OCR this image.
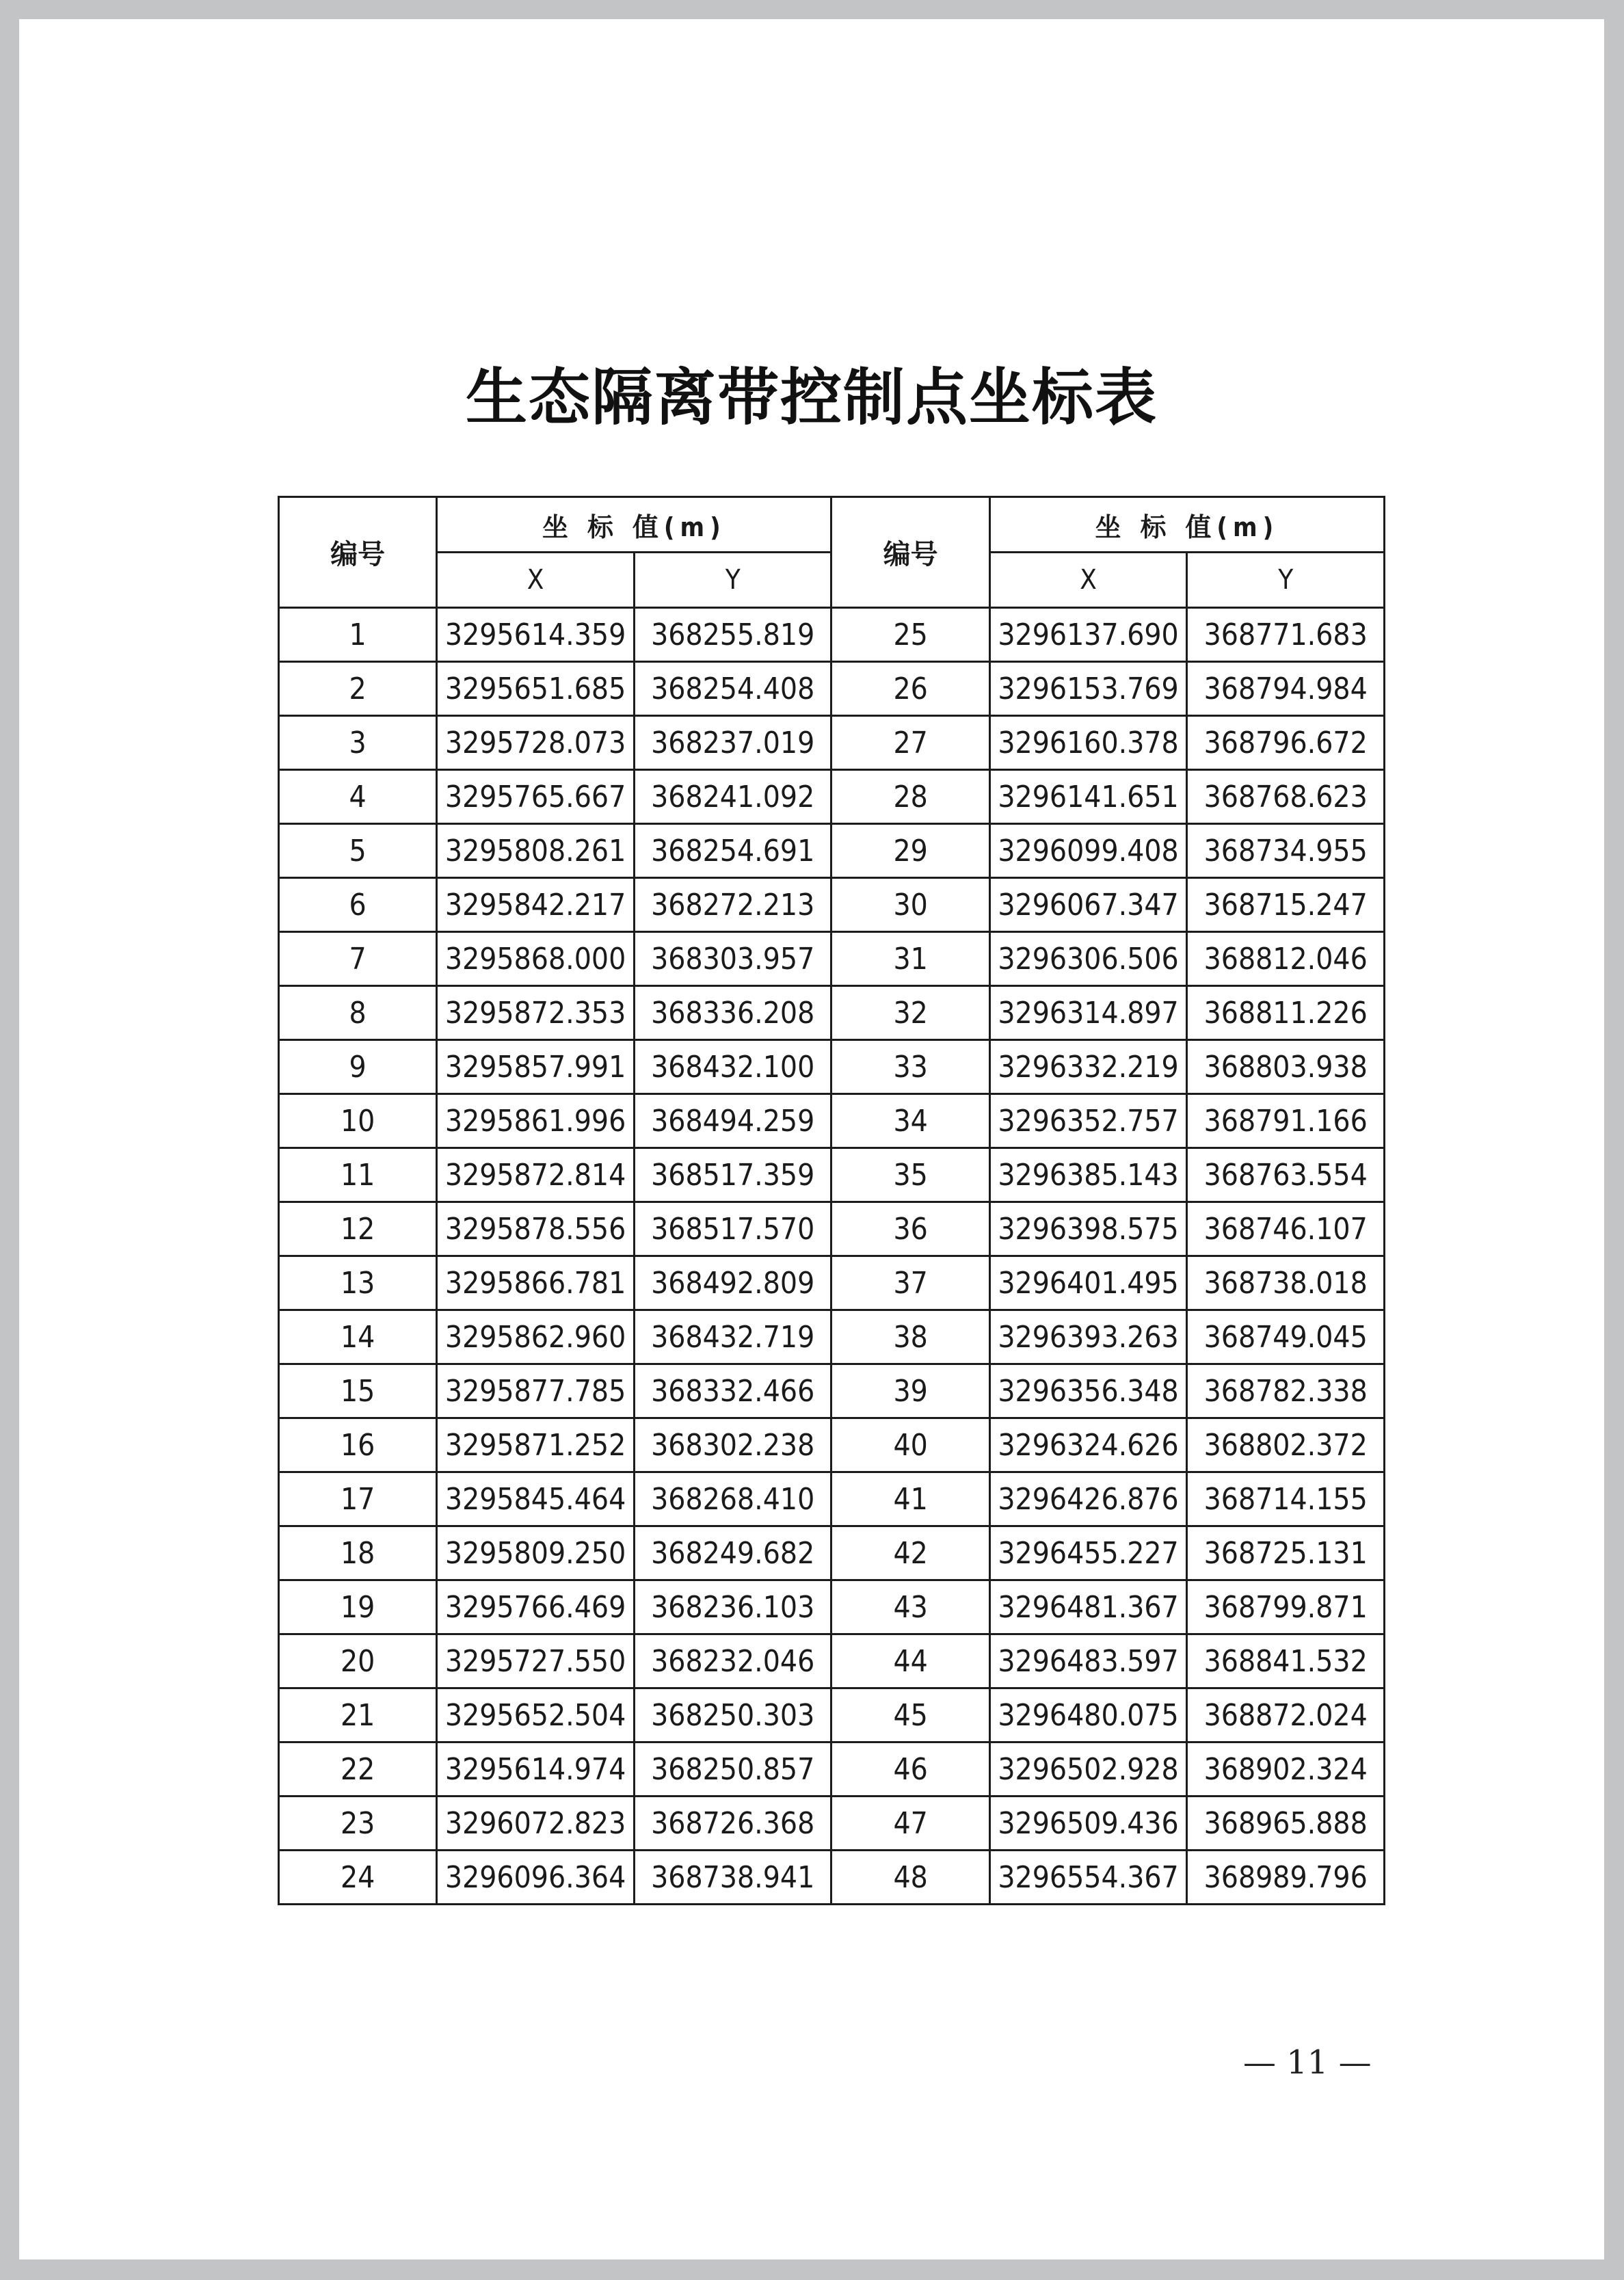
生态隔离带控制点坐标表
编号	坐 标 值(m)		编号	坐 标 值(m)	
	X	Y		X	Y
1	3295614.359	368255.819	25	3296137.690	368771.683
2	3295651.685	368254.408	26	3296153.769	368794.984
3	3295728.073	368237.019	27	3296160.378	368796.672
4	3295765.667	368241.092	28	3296141.651	368768.623
5	3295808.261	368254.691	29	3296099.408	368734.955
6	3295842.217	368272.213	30	3296067.347	368715.247
7	3295868.000	368303.957	31	3296306.506	368812.046
8	3295872.353	368336.208	32	3296314.897	368811.226
9	3295857.991	368432.100	33	3296332.219	368803.938
10	3295861.996	368494.259	34	3296352.757	368791.166
11	3295872.814	368517.359	35	3296385.143	368763.554
12	3295878.556	368517.570	36	3296398.575	368746.107
13	3295866.781	368492.809	37	3296401.495	368738.018
14	3295862.960	368432.719	38	3296393.263	368749.045
15	3295877.785	368332.466	39	3296356.348	368782.338
16	3295871.252	368302.238	40	3296324.626	368802.372
17	3295845.464	368268.410	41	3296426.876	368714.155
18	3295809.250	368249.682	42	3296455.227	368725.131
19	3295766.469	368236.103	43	3296481.367	368799.871
20	3295727.550	368232.046	44	3296483.597	368841.532
21	3295652.504	368250.303	45	3296480.075	368872.024
22	3295614.974	368250.857	46	3296502.928	368902.324
23	3296072.823	368726.368	47	3296509.436	368965.888
24	3296096.364	368738.941	48	3296554.367	368989.796

— 11 —
